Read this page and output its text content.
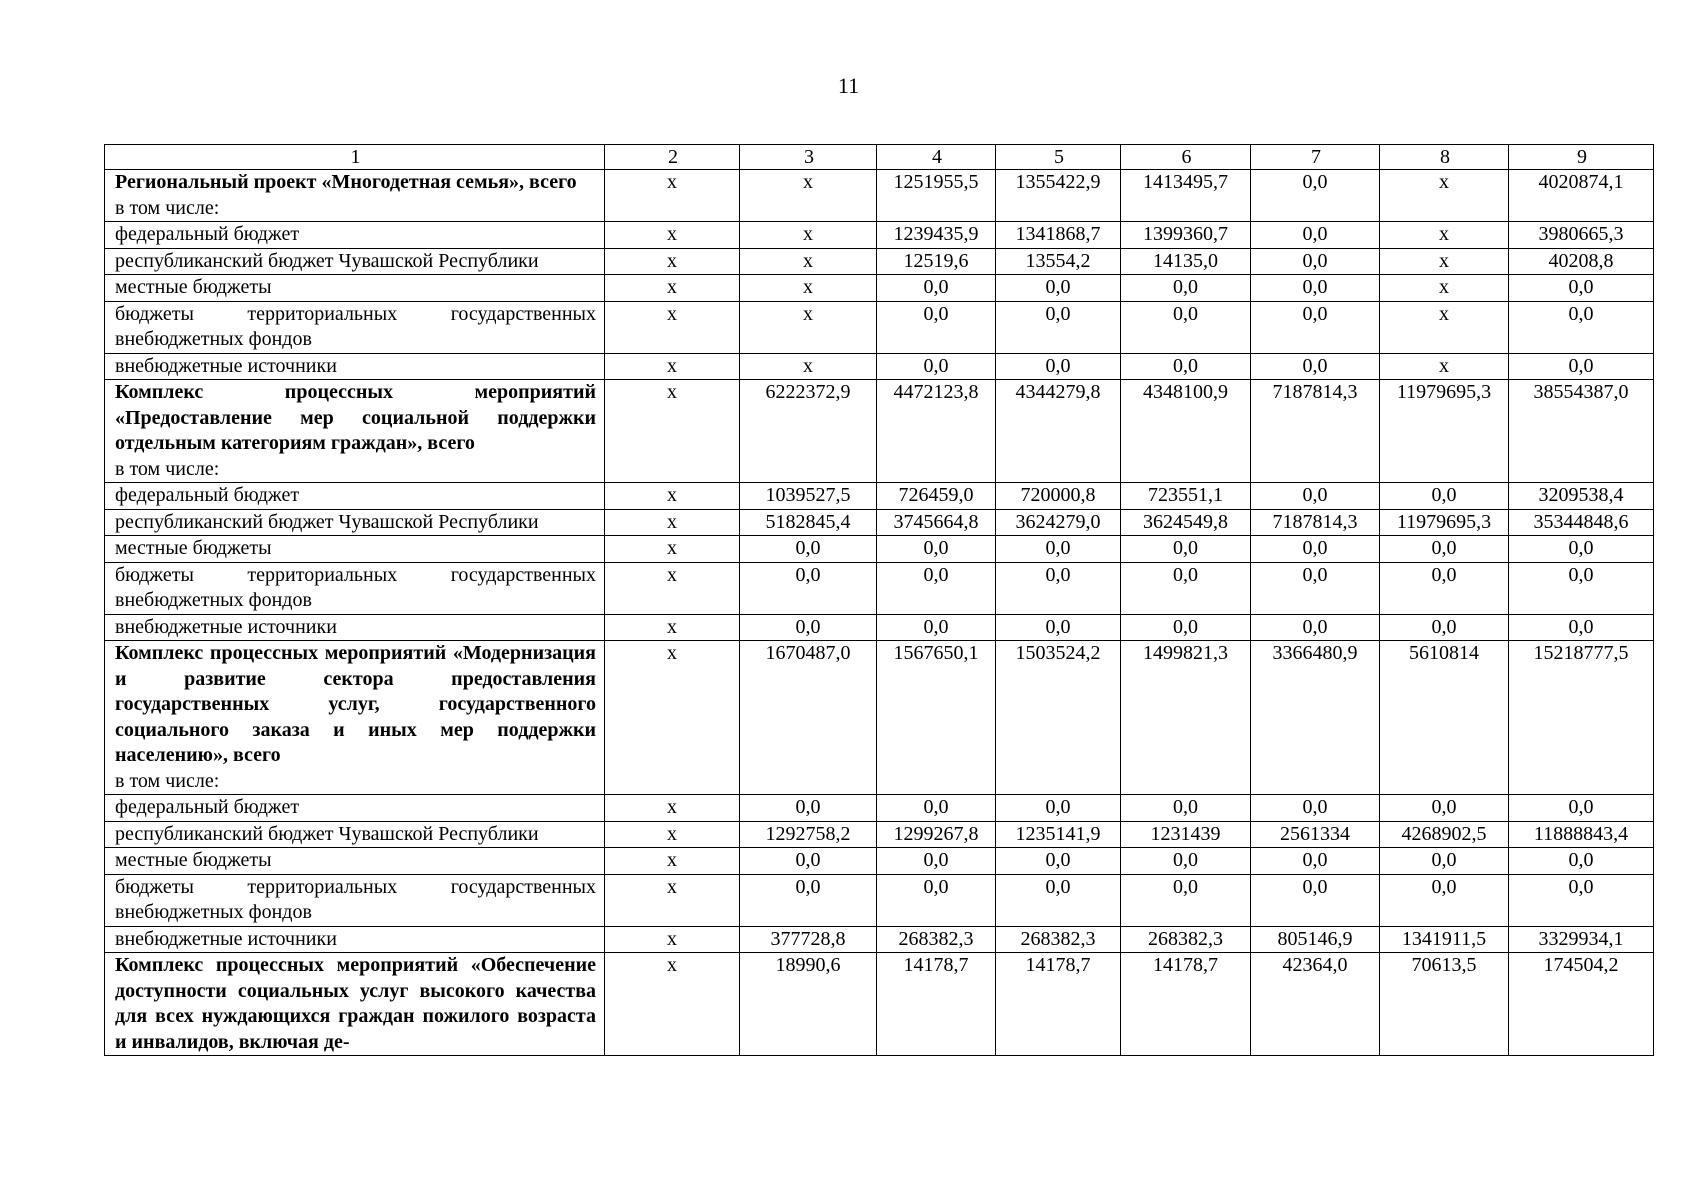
11
1	2	3	4	5	6	7	8	9

Региональный проект «Многодетная семья», всего
в том числе:	x	x	1251955,5	1355422,9	1413495,7	0,0	x	4020874,1

федеральный бюджет	x	x	1239435,9	1341868,7	1399360,7	0,0	x	3980665,3

республиканский бюджет Чувашской Республики	x	x	12519,6	13554,2	14135,0	0,0	x	40208,8

местные бюджеты	x	x	0,0	0,0	0,0	0,0	x	0,0

бюджеты территориальных государственных внебюджетных фондов	x	x	0,0	0,0	0,0	0,0	x	0,0

внебюджетные источники	x	x	0,0	0,0	0,0	0,0	x	0,0

Комплекс процессных мероприятий «Предоставление мер социальной поддержки отдельным категориям граждан», всего
в том числе:	x	6222372,9	4472123,8	4344279,8	4348100,9	7187814,3	11979695,3	38554387,0

федеральный бюджет	x	1039527,5	726459,0	720000,8	723551,1	0,0	0,0	3209538,4

республиканский бюджет Чувашской Республики	x	5182845,4	3745664,8	3624279,0	3624549,8	7187814,3	11979695,3	35344848,6

местные бюджеты	x	0,0	0,0	0,0	0,0	0,0	0,0	0,0

бюджеты территориальных государственных внебюджетных фондов	x	0,0	0,0	0,0	0,0	0,0	0,0	0,0

внебюджетные источники	x	0,0	0,0	0,0	0,0	0,0	0,0	0,0

Комплекс процессных мероприятий «Модернизация и развитие сектора предоставления государственных услуг, государственного социального заказа и иных мер поддержки населению», всего
в том числе:	x	1670487,0	1567650,1	1503524,2	1499821,3	3366480,9	5610814	15218777,5

федеральный бюджет	x	0,0	0,0	0,0	0,0	0,0	0,0	0,0

республиканский бюджет Чувашской Республики	x	1292758,2	1299267,8	1235141,9	1231439	2561334	4268902,5	11888843,4

местные бюджеты	x	0,0	0,0	0,0	0,0	0,0	0,0	0,0

бюджеты территориальных государственных внебюджетных фондов	x	0,0	0,0	0,0	0,0	0,0	0,0	0,0

внебюджетные источники	x	377728,8	268382,3	268382,3	268382,3	805146,9	1341911,5	3329934,1

Комплекс процессных мероприятий «Обеспечение доступности социальных услуг высокого качества для всех нуждающихся граждан пожилого возраста и инвалидов, включая де-	x	18990,6	14178,7	14178,7	14178,7	42364,0	70613,5	174504,2
